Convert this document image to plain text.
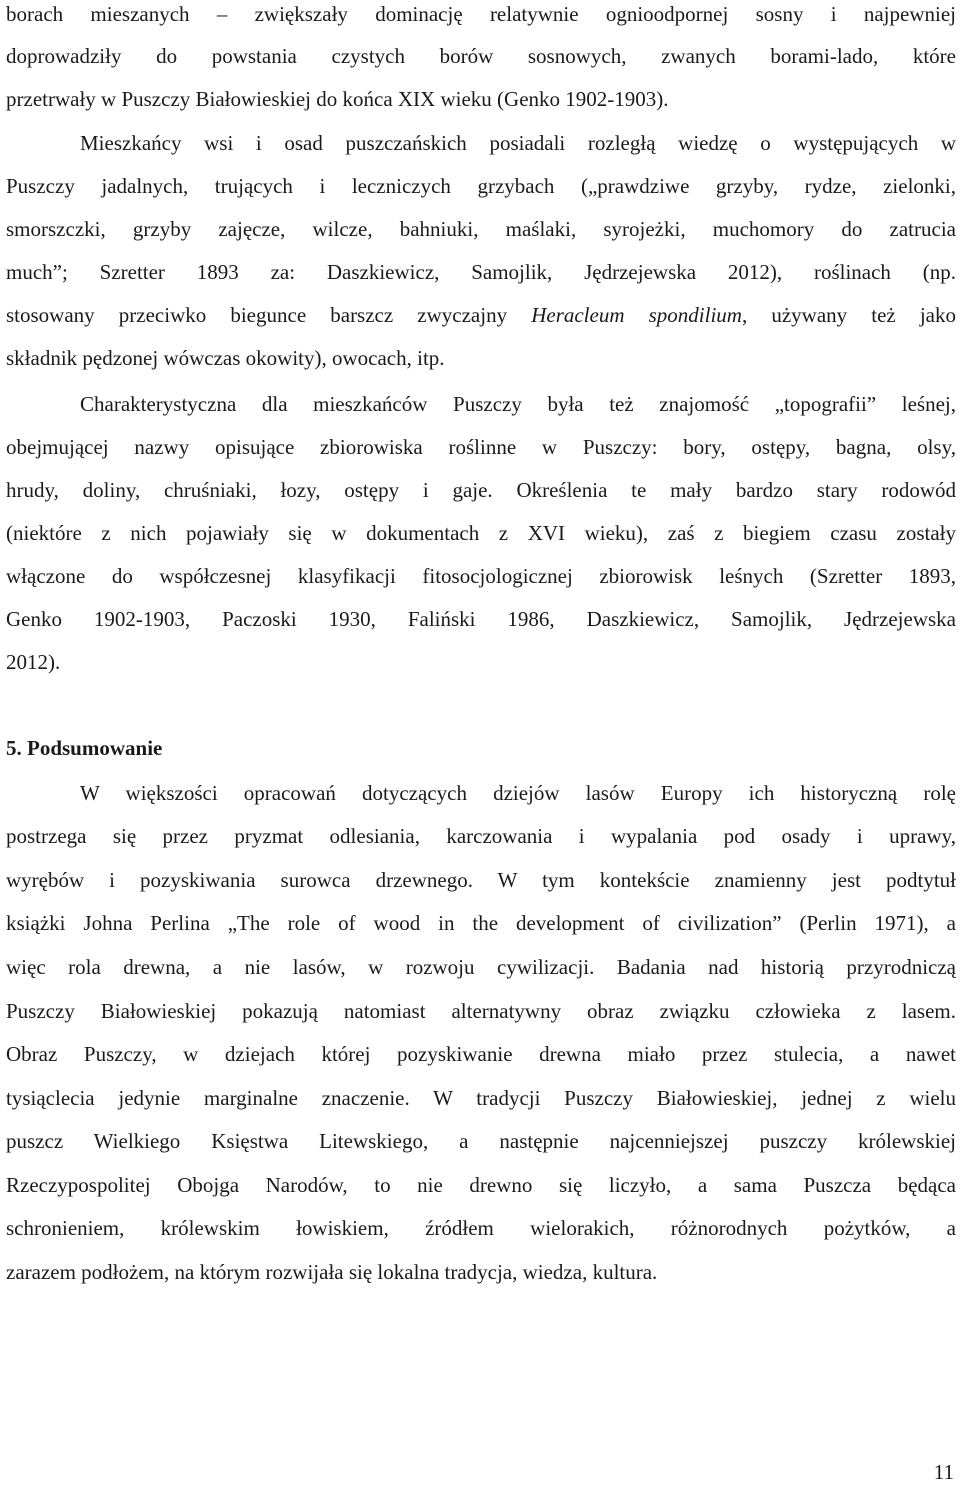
borach mieszanych – zwiększały dominację relatywnie ognioodpornej sosny i najpewniej
doprowadziły do powstania czystych borów sosnowych, zwanych borami-lado, które
przetrwały w Puszczy Białowieskiej do końca XIX wieku (Genko 1902-1903).
Mieszkańcy wsi i osad puszczańskich posiadali rozległą wiedzę o występujących w
Puszczy jadalnych, trujących i leczniczych grzybach („prawdziwe grzyby, rydze, zielonki,
smorszczki, grzyby zajęcze, wilcze, bahniuki, maślaki, syrojeżki, muchomory do zatrucia
much”; Szretter 1893 za: Daszkiewicz, Samojlik, Jędrzejewska 2012), roślinach (np.
stosowany przeciwko biegunce barszcz zwyczajny Heracleum spondilium, używany też jako
składnik pędzonej wówczas okowity), owocach, itp.
Charakterystyczna dla mieszkańców Puszczy była też znajomość „topografii” leśnej,
obejmującej nazwy opisujące zbiorowiska roślinne w Puszczy: bory, ostępy, bagna, olsy,
hrudy, doliny, chruśniaki, łozy, ostępy i gaje. Określenia te mały bardzo stary rodowód
(niektóre z nich pojawiały się w dokumentach z XVI wieku), zaś z biegiem czasu zostały
włączone do współczesnej klasyfikacji fitosocjologicznej zbiorowisk leśnych (Szretter 1893,
Genko 1902-1903, Paczoski 1930, Faliński 1986, Daszkiewicz, Samojlik, Jędrzejewska
2012).
5. Podsumowanie
W większości opracowań dotyczących dziejów lasów Europy ich historyczną rolę
postrzega się przez pryzmat odlesiania, karczowania i wypalania pod osady i uprawy,
wyrębów i pozyskiwania surowca drzewnego. W tym kontekście znamienny jest podtytuł
książki Johna Perlina „The role of wood in the development of civilization” (Perlin 1971), a
więc rola drewna, a nie lasów, w rozwoju cywilizacji. Badania nad historią przyrodniczą
Puszczy Białowieskiej pokazują natomiast alternatywny obraz związku człowieka z lasem.
Obraz Puszczy, w dziejach której pozyskiwanie drewna miało przez stulecia, a nawet
tysiąclecia jedynie marginalne znaczenie. W tradycji Puszczy Białowieskiej, jednej z wielu
puszcz Wielkiego Księstwa Litewskiego, a następnie najcenniejszej puszczy królewskiej
Rzeczypospolitej Obojga Narodów, to nie drewno się liczyło, a sama Puszcza będąca
schronieniem, królewskim łowiskiem, źródłem wielorakich, różnorodnych pożytków, a
zarazem podłożem, na którym rozwijała się lokalna tradycja, wiedza, kultura.
11
